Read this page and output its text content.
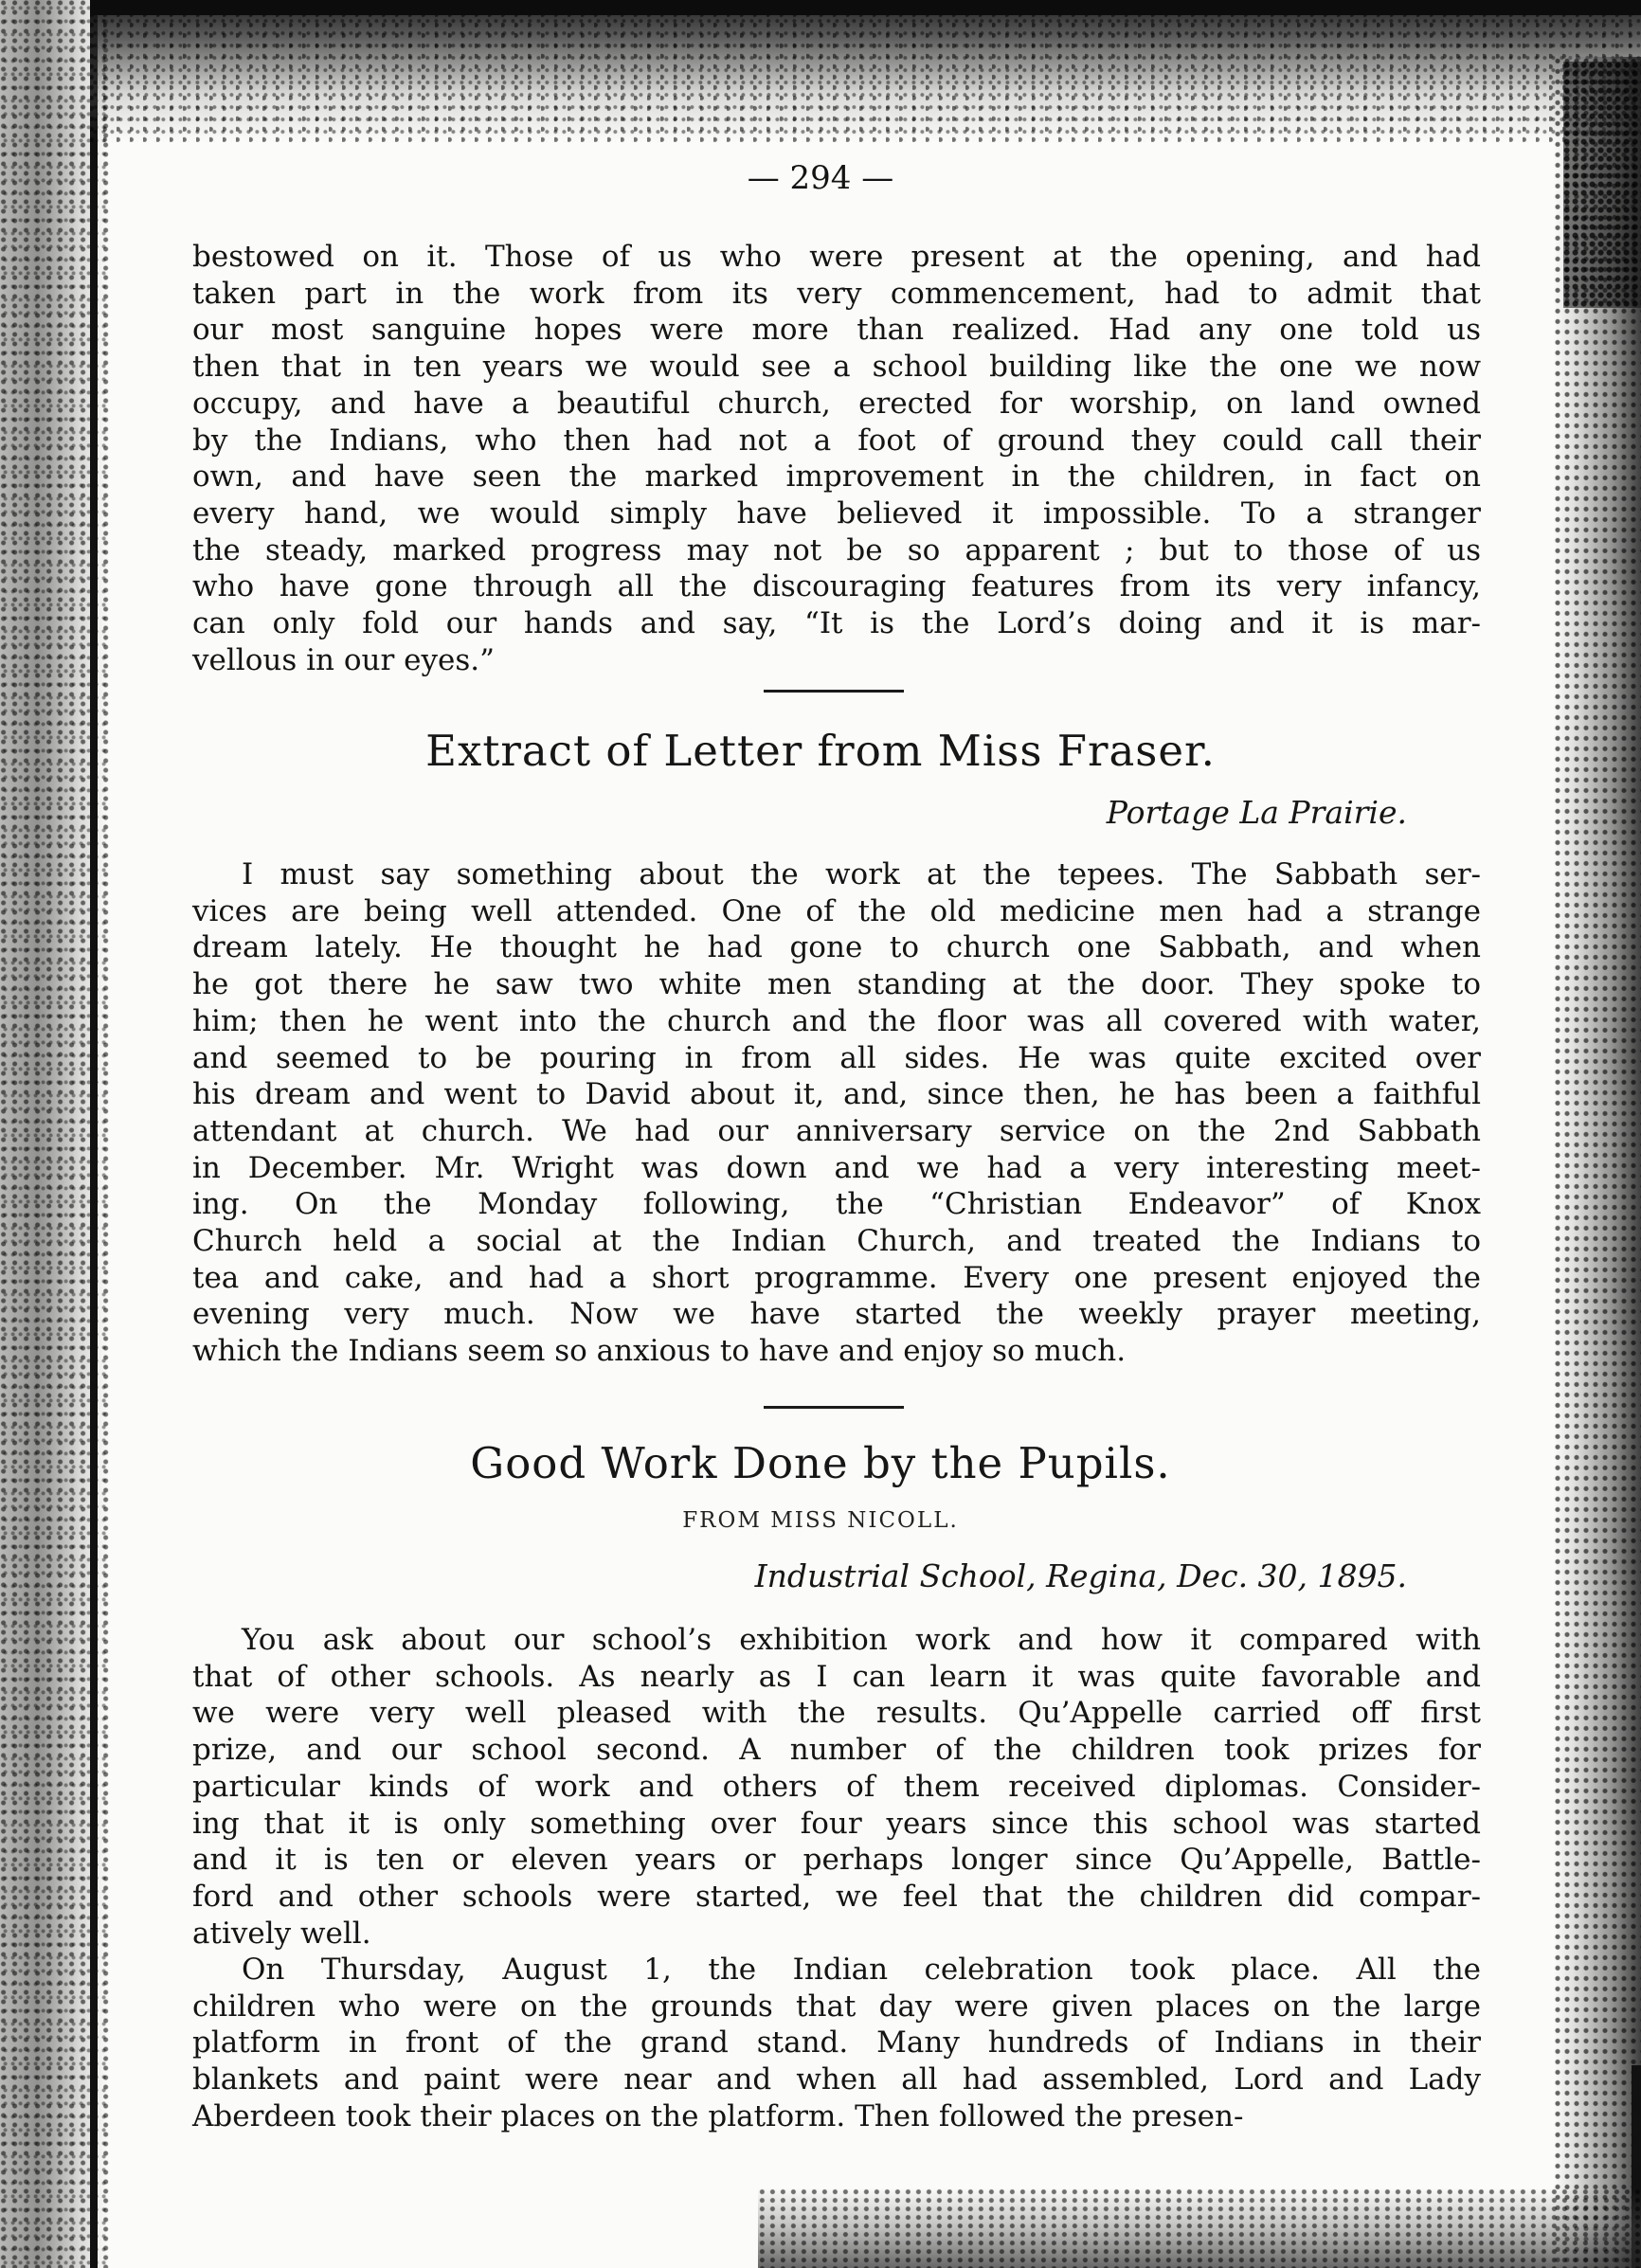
— 294 —
bestowed on it. Those of us who were present at the opening, and had
taken part in the work from its very commencement, had to admit that
our most sanguine hopes were more than realized. Had any one told us
then that in ten years we would see a school building like the one we now
occupy, and have a beautiful church, erected for worship, on land owned
by the Indians, who then had not a foot of ground they could call their
own, and have seen the marked improvement in the children, in fact on
every hand, we would simply have believed it impossible. To a stranger
the steady, marked progress may not be so apparent ; but to those of us
who have gone through all the discouraging features from its very infancy,
can only fold our hands and say, “It is the Lord’s doing and it is mar-
vellous in our eyes.”
Extract of Letter from Miss Fraser.
Portage La Prairie.
I must say something about the work at the tepees. The Sabbath ser-
vices are being well attended. One of the old medicine men had a strange
dream lately. He thought he had gone to church one Sabbath, and when
he got there he saw two white men standing at the door. They spoke to
him; then he went into the church and the floor was all covered with water,
and seemed to be pouring in from all sides. He was quite excited over
his dream and went to David about it, and, since then, he has been a faithful
attendant at church. We had our anniversary service on the 2nd Sabbath
in December. Mr. Wright was down and we had a very interesting meet-
ing. On the Monday following, the “Christian Endeavor” of Knox
Church held a social at the Indian Church, and treated the Indians to
tea and cake, and had a short programme. Every one present enjoyed the
evening very much. Now we have started the weekly prayer meeting,
which the Indians seem so anxious to have and enjoy so much.
Good Work Done by the Pupils.
FROM MISS NICOLL.
Industrial School, Regina, Dec. 30, 1895.
You ask about our school’s exhibition work and how it compared with
that of other schools. As nearly as I can learn it was quite favorable and
we were very well pleased with the results. Qu’Appelle carried off first
prize, and our school second. A number of the children took prizes for
particular kinds of work and others of them received diplomas. Consider-
ing that it is only something over four years since this school was started
and it is ten or eleven years or perhaps longer since Qu’Appelle, Battle-
ford and other schools were started, we feel that the children did compar-
atively well.
On Thursday, August 1, the Indian celebration took place. All the
children who were on the grounds that day were given places on the large
platform in front of the grand stand. Many hundreds of Indians in their
blankets and paint were near and when all had assembled, Lord and Lady
Aberdeen took their places on the platform. Then followed the presen-
